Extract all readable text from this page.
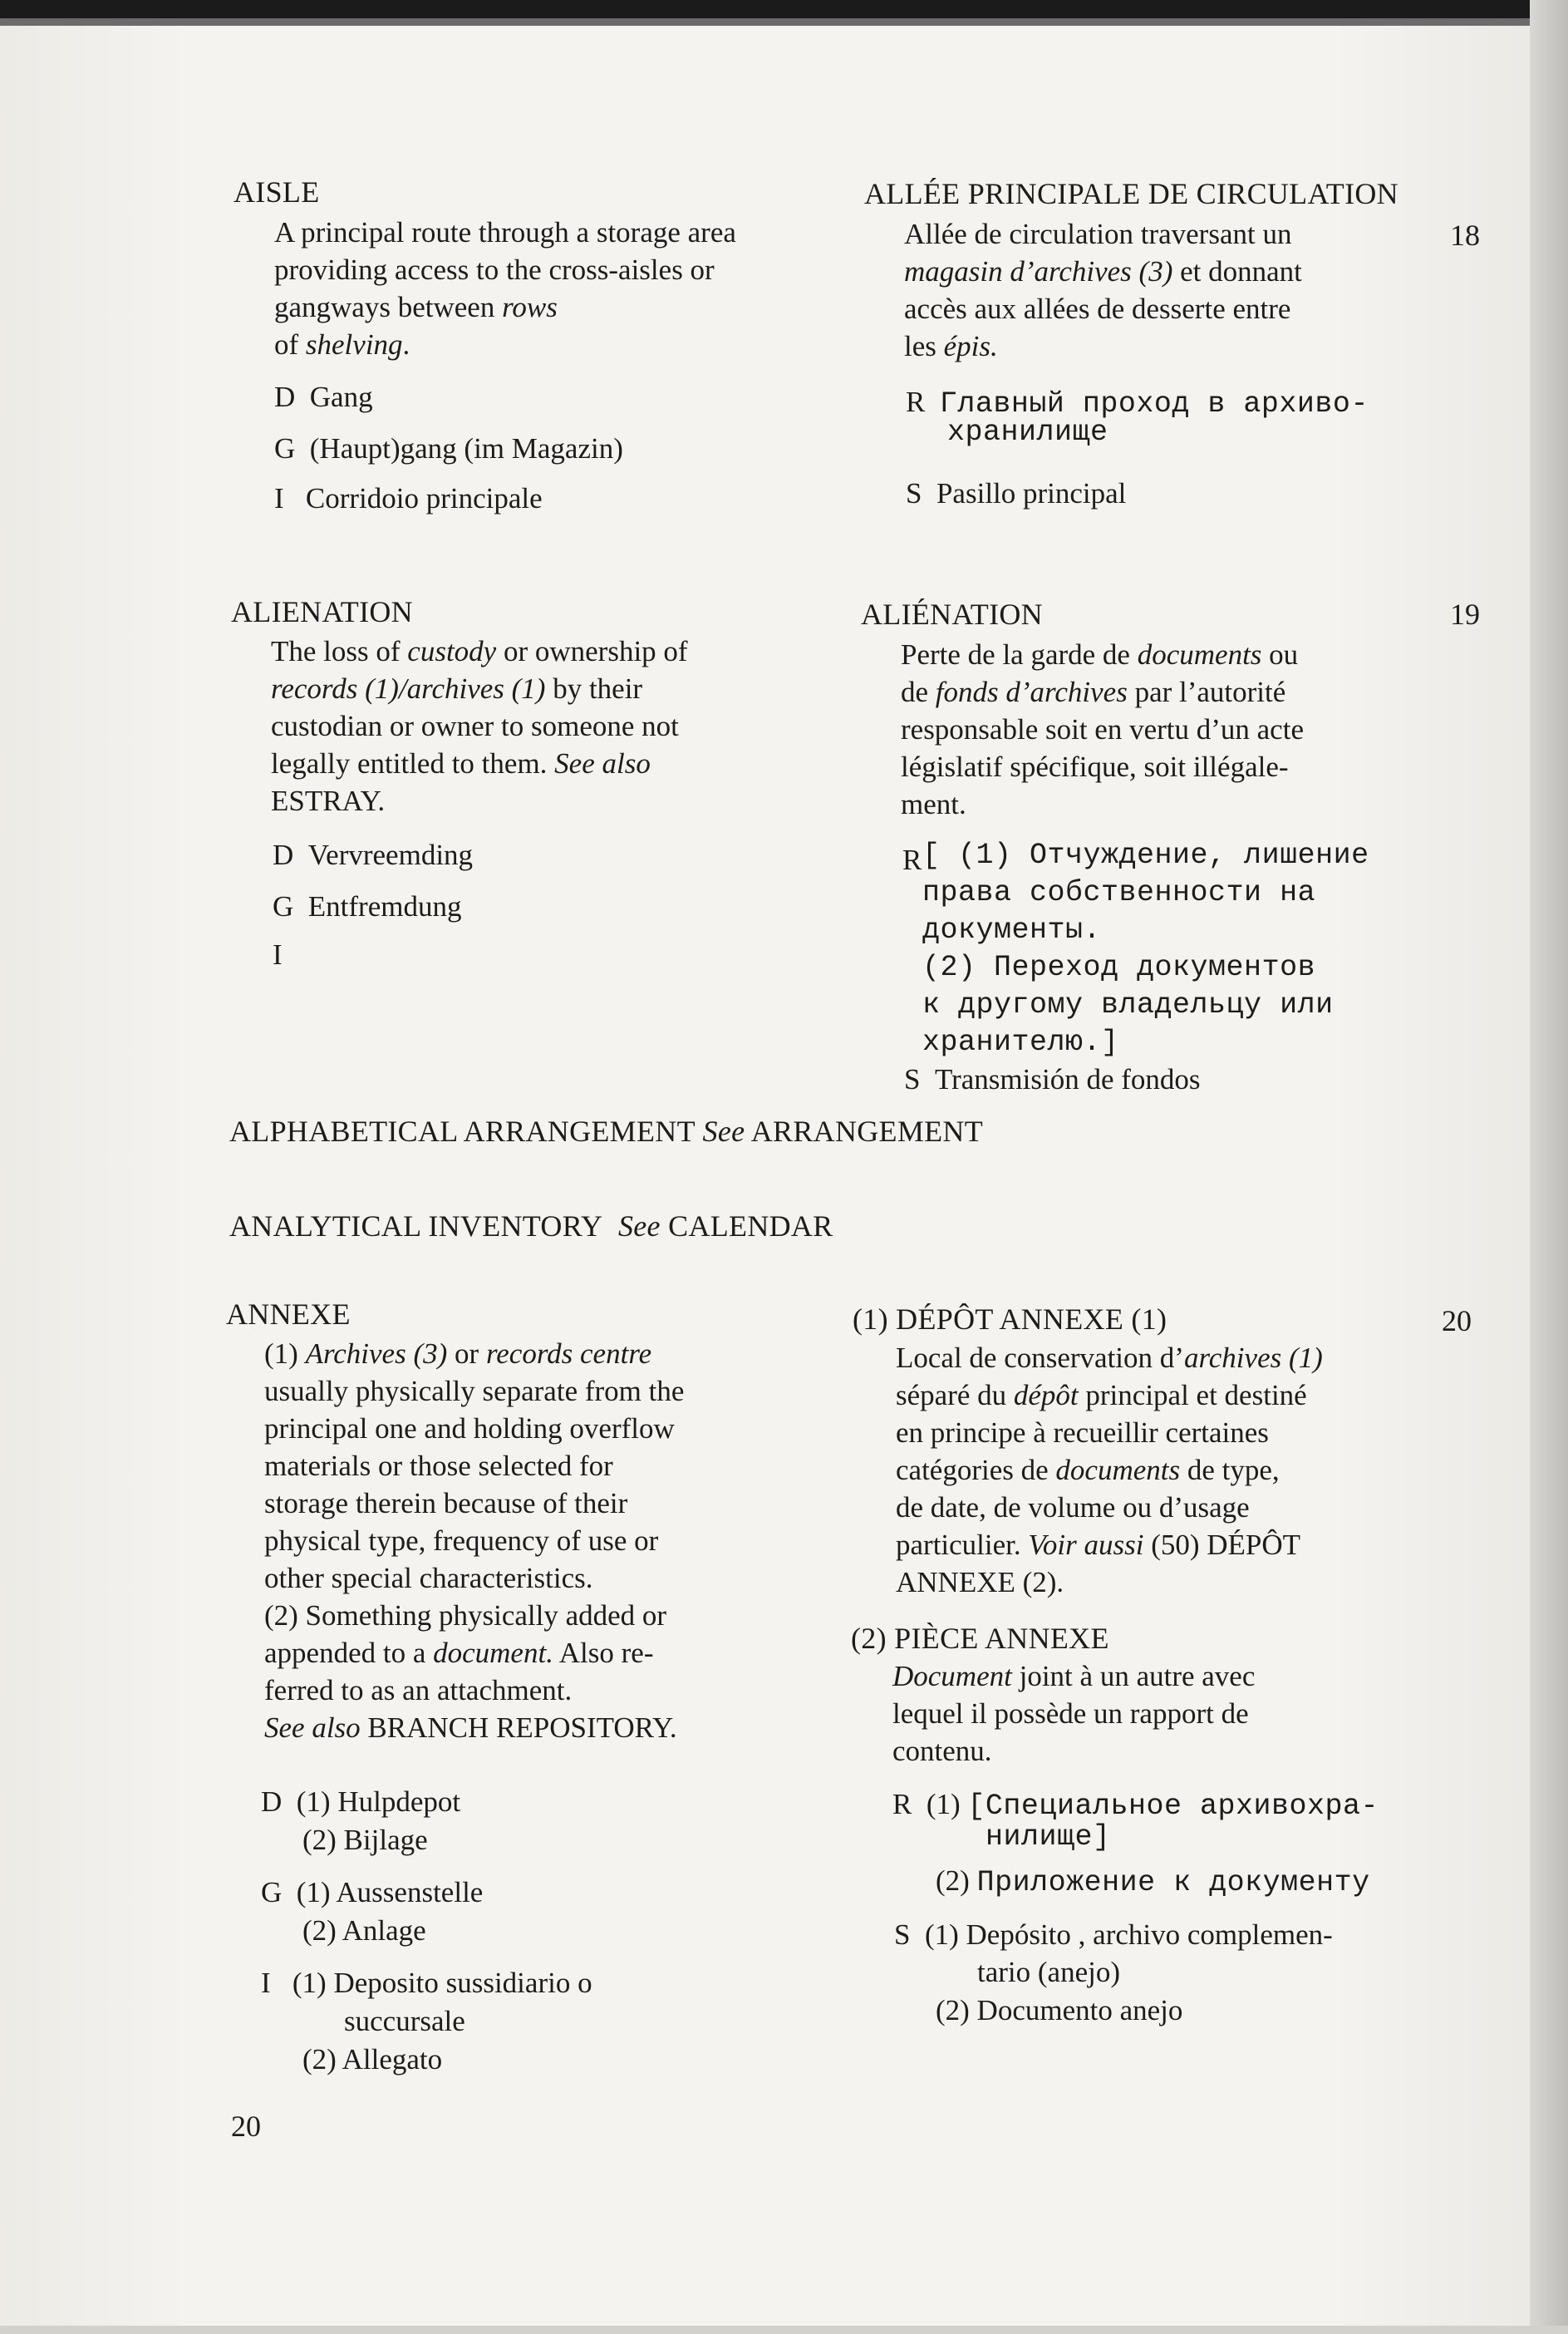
AISLE
A principal route through a storage area providing access to the cross-aisles or gangways between rows
of shelving.
D Gang
G (Haupt)gang (im Magazin)
I Corridoio principale
ALLÉE PRINCIPALE DE CIRCULATION
18
Allée de circulation traversant un
magasin d’archives (3) et donnant
accès aux allées de desserte entre
les épis.
R Главный проход в архиво-
хранилище
S Pasillo principal
ALIENATION
The loss of custody or ownership of
records (1)/archives (1) by their
custodian or owner to someone not
legally entitled to them. See also
ESTRAY.
D Vervreemding
G Entfremdung
I
ALIÉNATION	19
Perte de la garde de documents ou
de fonds d’archives par l’autorité
responsable soit en vertu d’un acte
législatif spécifique, soit illégale-
ment.
R [ (1) Отчуждение, лишение
права собственности на
документы.
(2) Переход документов
к другому владельцу или
хранителю.]
S Transmisión de fondos
ALPHABETICAL ARRANGEMENT See ARRANGEMENT
ANALYTICAL INVENTORY See CALENDAR
ANNEXE
(1) Archives (3) or records centre
usually physically separate from the
principal one and holding overflow
materials or those selected for
storage therein because of their
physical type, frequency of use or
other special characteristics.
(2) Something physically added or
appended to a document. Also re-
ferred to as an attachment.
See also BRANCH REPOSITORY.
D (1) Hulpdepot
(2) Bijlage
G (1) Aussenstelle
(2) Anlage
I (1) Deposito sussidiario o
succursale
(2) Allegato
(1) DÉPÔT ANNEXE (1)	20
Local de conservation d’archives (1)
séparé du dépôt principal et destiné
en principe à recueillir certaines
catégories de documents de type,
de date, de volume ou d’usage
particulier. Voir aussi (50) DÉPÔT
ANNEXE (2).
(2) PIÈCE ANNEXE
Document joint à un autre avec
lequel il possède un rapport de
contenu.
R (1) [Специальное архивохра-
нилище]
(2) Приложение к документу
S (1) Depósito , archivo complemen-
tario (anejo)
(2) Documento anejo
20
